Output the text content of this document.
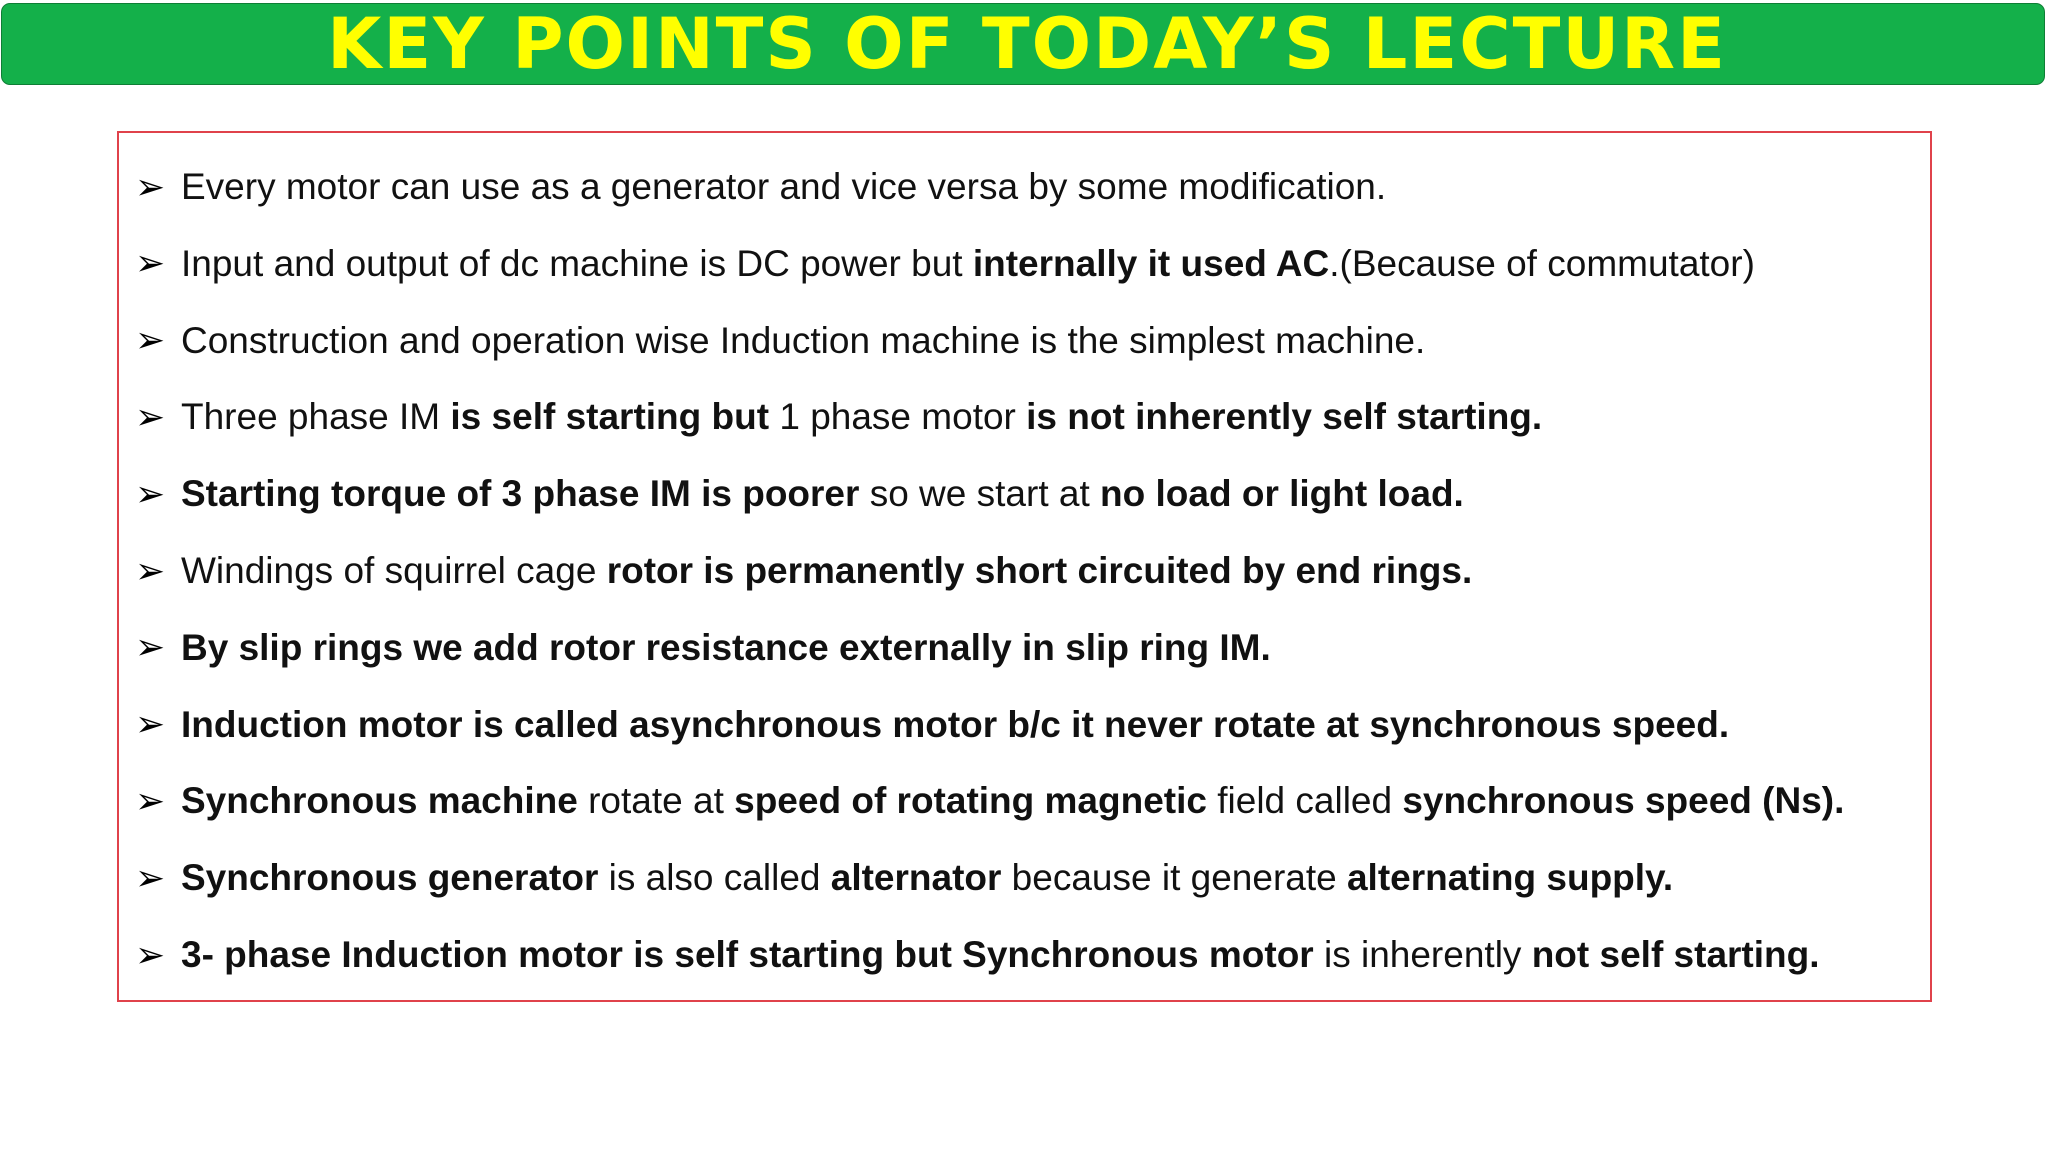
KEY POINTS OF TODAY’S LECTURE
➢ Every motor can use as a generator and vice versa by some modification.
➢ Input and output of dc machine is DC power but internally it used AC.(Because of commutator)
➢ Construction and operation wise Induction machine is the simplest machine.
➢ Three phase IM is self starting but 1 phase motor is not inherently self starting.
➢ Starting torque of 3 phase IM is poorer so we start at no load or light load.
➢ Windings of squirrel cage rotor is permanently short circuited by end rings.
➢ By slip rings we add rotor resistance externally in slip ring IM.
➢ Induction motor is called asynchronous motor b/c it never rotate at synchronous speed.
➢ Synchronous machine rotate at speed of rotating magnetic field called synchronous speed (Ns).
➢ Synchronous generator is also called alternator because it generate alternating supply.
➢ 3- phase Induction motor is self starting but Synchronous motor is inherently not self starting.
